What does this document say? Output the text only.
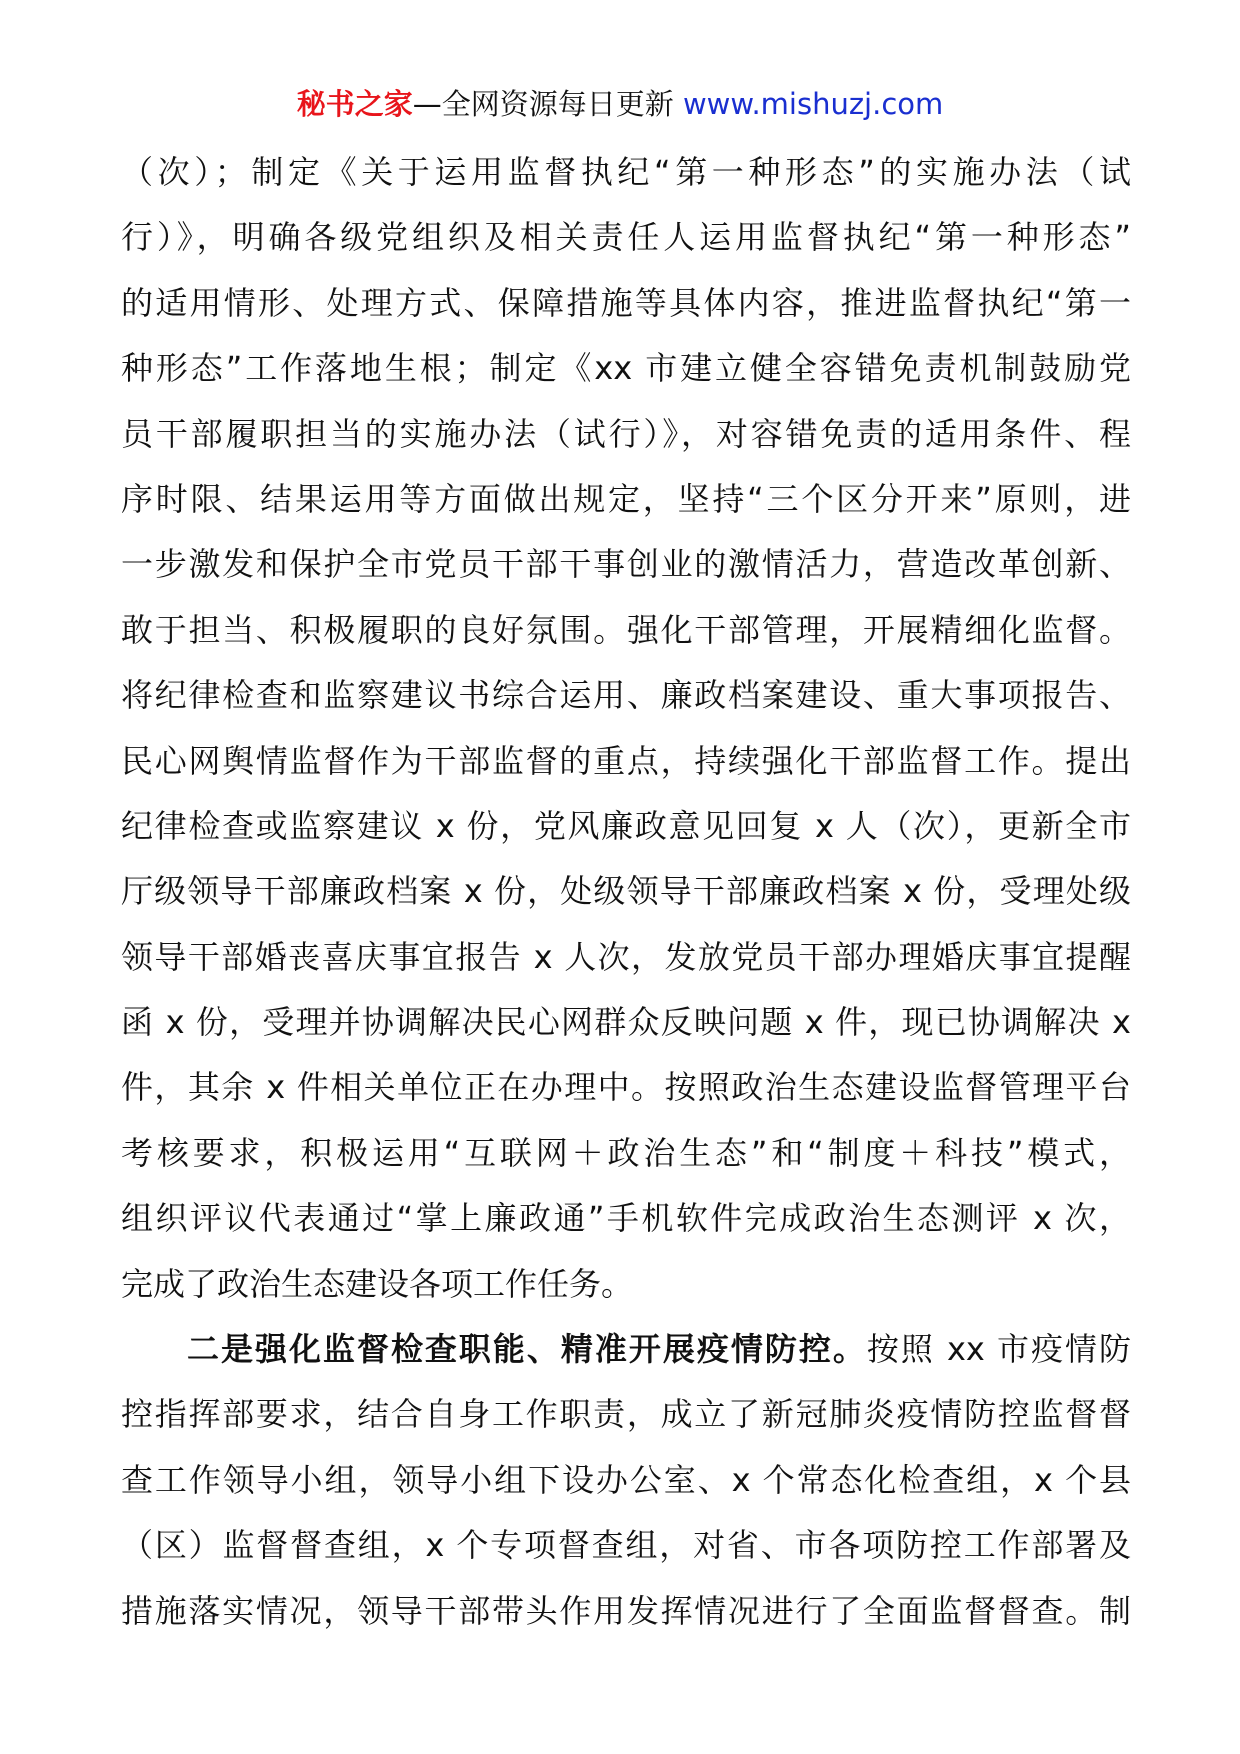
秘书之家—全网资源每日更新 www.mishuzj.com
（次）；制定《关于运用监督执纪“第一种形态”的实施办法（试
行）》，明确各级党组织及相关责任人运用监督执纪“第一种形态”
的适用情形、处理方式、保障措施等具体内容，推进监督执纪“第一
种形态”工作落地生根；制定《xx 市建立健全容错免责机制鼓励党
员干部履职担当的实施办法（试行）》，对容错免责的适用条件、程
序时限、结果运用等方面做出规定，坚持“三个区分开来”原则，进
一步激发和保护全市党员干部干事创业的激情活力，营造改革创新、
敢于担当、积极履职的良好氛围。强化干部管理，开展精细化监督。
将纪律检查和监察建议书综合运用、廉政档案建设、重大事项报告、
民心网舆情监督作为干部监督的重点，持续强化干部监督工作。提出
纪律检查或监察建议 x 份，党风廉政意见回复 x 人（次），更新全市
厅级领导干部廉政档案 x 份，处级领导干部廉政档案 x 份，受理处级
领导干部婚丧喜庆事宜报告 x 人次，发放党员干部办理婚庆事宜提醒
函 x 份，受理并协调解决民心网群众反映问题 x 件，现已协调解决 x
件，其余 x 件相关单位正在办理中。按照政治生态建设监督管理平台
考核要求，积极运用“互联网＋政治生态”和“制度＋科技”模式，
组织评议代表通过“掌上廉政通”手机软件完成政治生态测评 x 次，
完成了政治生态建设各项工作任务。
二是强化监督检查职能、精准开展疫情防控。按照 xx 市疫情防
控指挥部要求，结合自身工作职责，成立了新冠肺炎疫情防控监督督
查工作领导小组，领导小组下设办公室、x 个常态化检查组，x 个县
（区）监督督查组，x 个专项督查组，对省、市各项防控工作部署及
措施落实情况，领导干部带头作用发挥情况进行了全面监督督查。制
